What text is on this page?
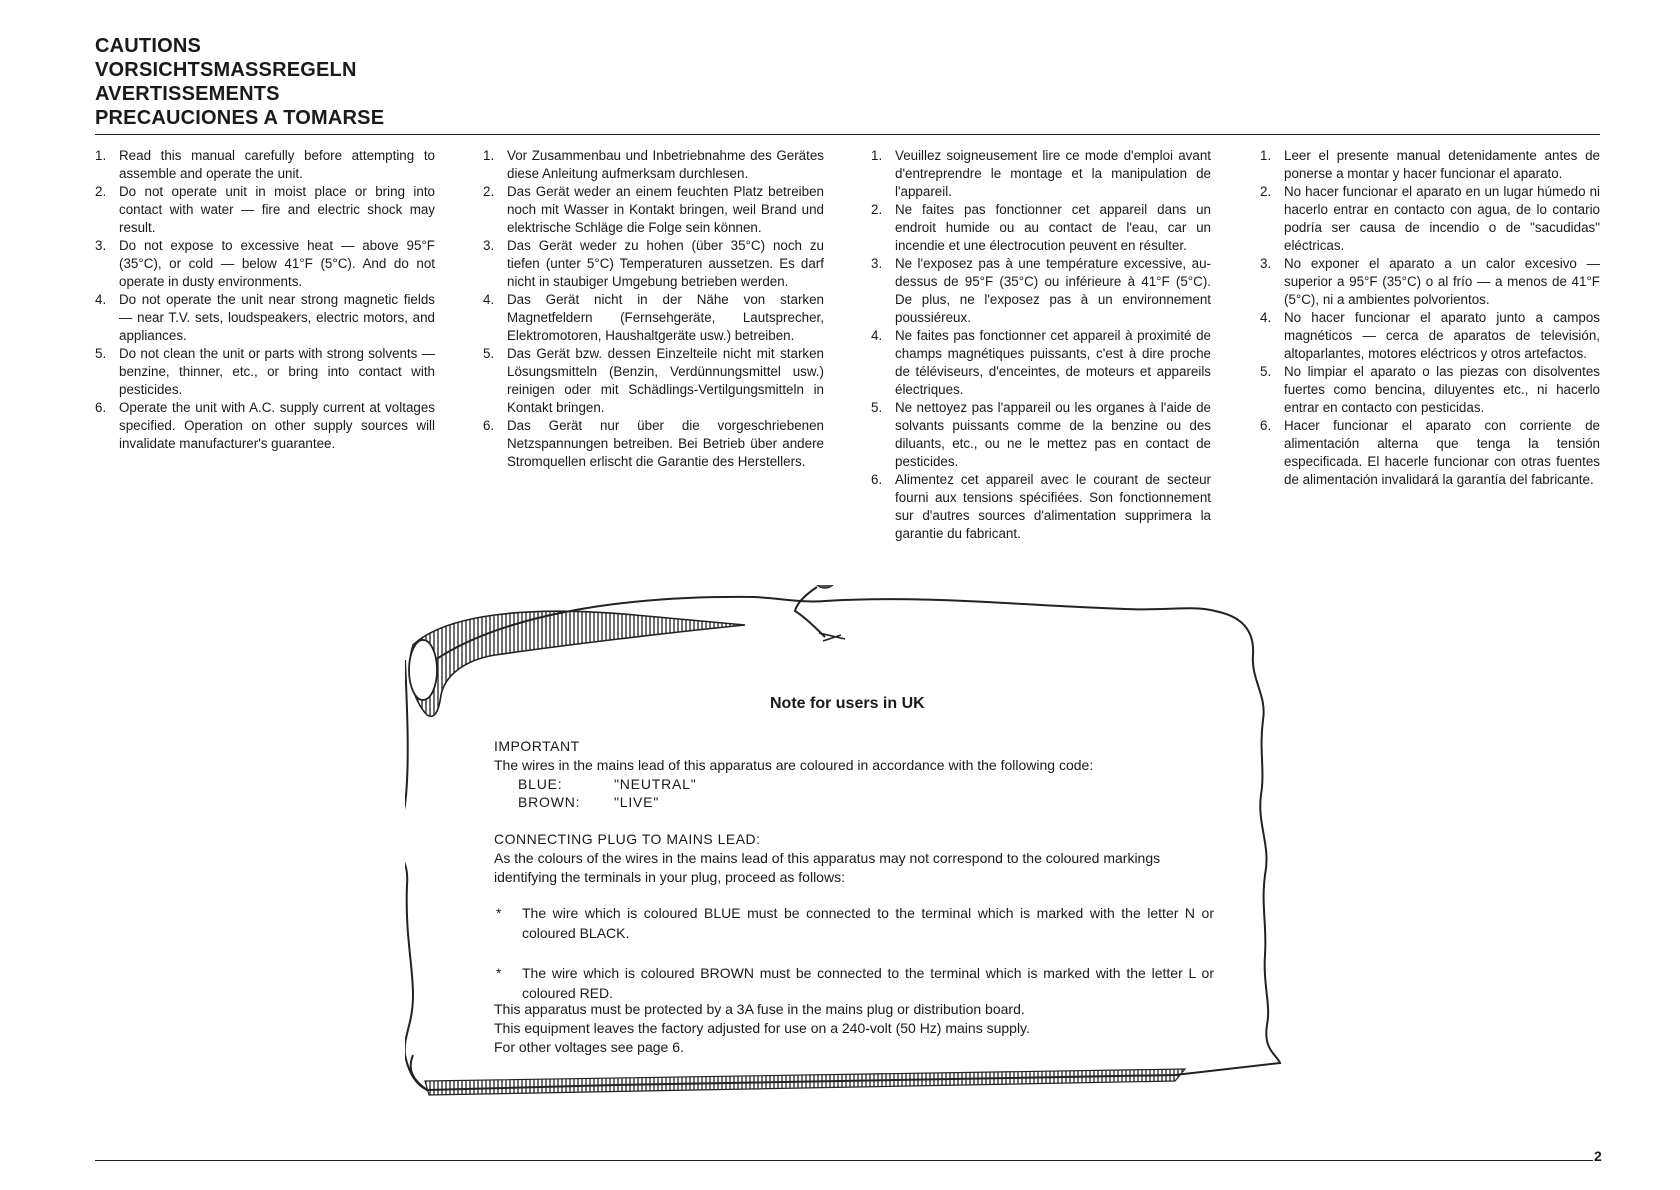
CAUTIONS
VORSICHTSMASSREGELN
AVERTISSEMENTS
PRECAUCIONES A TOMARSE
1. Read this manual carefully before attempting to assemble and operate the unit.
2. Do not operate unit in moist place or bring into contact with water — fire and electric shock may result.
3. Do not expose to excessive heat — above 95°F (35°C), or cold — below 41°F (5°C). And do not operate in dusty environments.
4. Do not operate the unit near strong magnetic fields — near T.V. sets, loudspeakers, electric motors, and appliances.
5. Do not clean the unit or parts with strong solvents — benzine, thinner, etc., or bring into contact with pesticides.
6. Operate the unit with A.C. supply current at voltages specified. Operation on other supply sources will invalidate manufacturer's guarantee.
1. Vor Zusammenbau und Inbetriebnahme des Gerätes diese Anleitung aufmerksam durchlesen.
2. Das Gerät weder an einem feuchten Platz betreiben noch mit Wasser in Kontakt bringen, weil Brand und elektrische Schläge die Folge sein können.
3. Das Gerät weder zu hohen (über 35°C) noch zu tiefen (unter 5°C) Temperaturen aussetzen. Es darf nicht in staubiger Umgebung betrieben werden.
4. Das Gerät nicht in der Nähe von starken Magnetfeldern (Fernsehgeräte, Lautsprecher, Elektromotoren, Haushaltgeräte usw.) betreiben.
5. Das Gerät bzw. dessen Einzelteile nicht mit starken Lösungsmitteln (Benzin, Verdünnungsmittel usw.) reinigen oder mit Schädlings-Vertilgungsmitteln in Kontakt bringen.
6. Das Gerät nur über die vorgeschriebenen Netzspannungen betreiben. Bei Betrieb über andere Stromquellen erlischt die Garantie des Herstellers.
1. Veuillez soigneusement lire ce mode d'emploi avant d'entreprendre le montage et la manipulation de l'appareil.
2. Ne faites pas fonctionner cet appareil dans un endroit humide ou au contact de l'eau, car un incendie et une électrocution peuvent en résulter.
3. Ne l'exposez pas à une température excessive, au-dessus de 95°F (35°C) ou inférieure à 41°F (5°C). De plus, ne l'exposez pas à un environnement poussiéreux.
4. Ne faites pas fonctionner cet appareil à proximité de champs magnétiques puissants, c'est à dire proche de téléviseurs, d'enceintes, de moteurs et appareils électriques.
5. Ne nettoyez pas l'appareil ou les organes à l'aide de solvants puissants comme de la benzine ou des diluants, etc., ou ne le mettez pas en contact de pesticides.
6. Alimentez cet appareil avec le courant de secteur fourni aux tensions spécifiées. Son fonctionnement sur d'autres sources d'alimentation supprimera la garantie du fabricant.
1. Leer el presente manual detenidamente antes de ponerse a montar y hacer funcionar el aparato.
2. No hacer funcionar el aparato en un lugar húmedo ni hacerlo entrar en contacto con agua, de lo contario podría ser causa de incendio o de "sacudidas" eléctricas.
3. No exponer el aparato a un calor excesivo — superior a 95°F (35°C) o al frío — a menos de 41°F (5°C), ni a ambientes polvorientos.
4. No hacer funcionar el aparato junto a campos magnéticos — cerca de aparatos de televisión, altoparlantes, motores eléctricos y otros artefactos.
5. No limpiar el aparato o las piezas con disolventes fuertes como bencina, diluyentes etc., ni hacerlo entrar en contacto con pesticidas.
6. Hacer funcionar el aparato con corriente de alimentación alterna que tenga la tensión especificada. El hacerle funcionar con otras fuentes de alimentación invalidará la garantía del fabricante.
Note for users in UK

IMPORTANT

The wires in the mains lead of this apparatus are coloured in accordance with the following code:

BLUE:	"NEUTRAL"
BROWN:	"LIVE"

CONNECTING PLUG TO MAINS LEAD:

As the colours of the wires in the mains lead of this apparatus may not correspond to the coloured markings identifying the terminals in your plug, proceed as follows:

* The wire which is coloured BLUE must be connected to the terminal which is marked with the letter N or coloured BLACK.
* The wire which is coloured BROWN must be connected to the terminal which is marked with the letter L or coloured RED.

This apparatus must be protected by a 3A fuse in the mains plug or distribution board.

This equipment leaves the factory adjusted for use on a 240-volt (50 Hz) mains supply.

For other voltages see page 6.

2
